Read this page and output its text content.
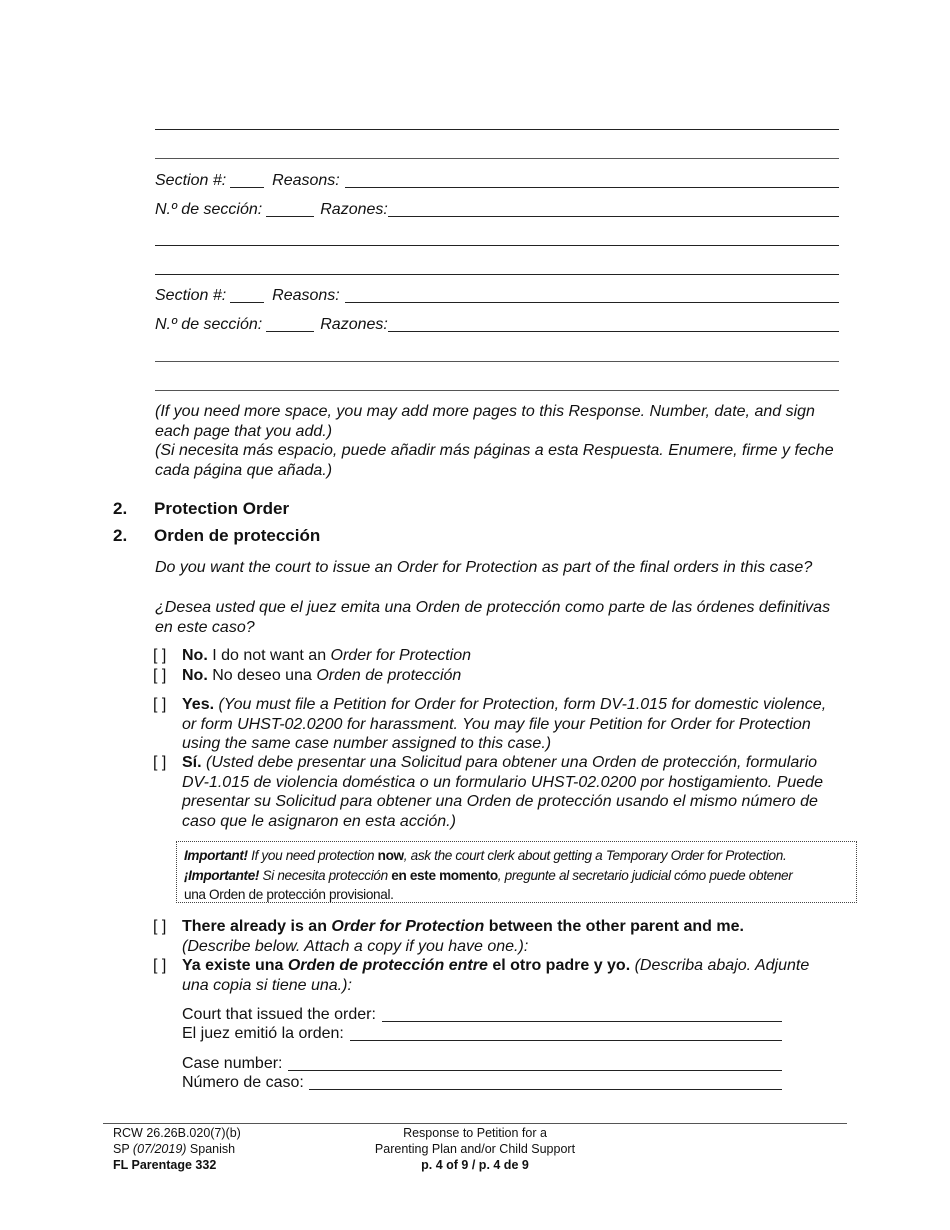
Section #:	Reasons:
N.º de sección:	Razones:
Section #:	Reasons:
N.º de sección:	Razones:
(If you need more space, you may add more pages to this Response. Number, date, and sign each page that you add.)
(Si necesita más espacio, puede añadir más páginas a esta Respuesta. Enumere, firme y feche cada página que añada.)
2. Protection Order
2. Orden de protección
Do you want the court to issue an Order for Protection as part of the final orders in this case?
¿Desea usted que el juez emita una Orden de protección como parte de las órdenes definitivas en este caso?
[ ] No. I do not want an Order for Protection
[ ] No. No deseo una Orden de protección
[ ] Yes. (You must file a Petition for Order for Protection, form DV-1.015 for domestic violence, or form UHST-02.0200 for harassment. You may file your Petition for Order for Protection using the same case number assigned to this case.)
[ ] Sí. (Usted debe presentar una Solicitud para obtener una Orden de protección, formulario DV-1.015 de violencia doméstica o un formulario UHST-02.0200 por hostigamiento. Puede presentar su Solicitud para obtener una Orden de protección usando el mismo número de caso que le asignaron en esta acción.)
Important! If you need protection now, ask the court clerk about getting a Temporary Order for Protection.
¡Importante! Si necesita protección en este momento, pregunte al secretario judicial cómo puede obtener
una Orden de protección provisional.
[ ] There already is an Order for Protection between the other parent and me.
(Describe below. Attach a copy if you have one.):
[ ] Ya existe una Orden de protección entre el otro padre y yo. (Describa abajo. Adjunte una copia si tiene una.):
Court that issued the order:
El juez emitió la orden:
Case number:
Número de caso:
RCW 26.26B.020(7)(b)
SP (07/2019) Spanish
FL Parentage 332
Response to Petition for a
Parenting Plan and/or Child Support
p. 4 of 9 / p. 4 de 9
